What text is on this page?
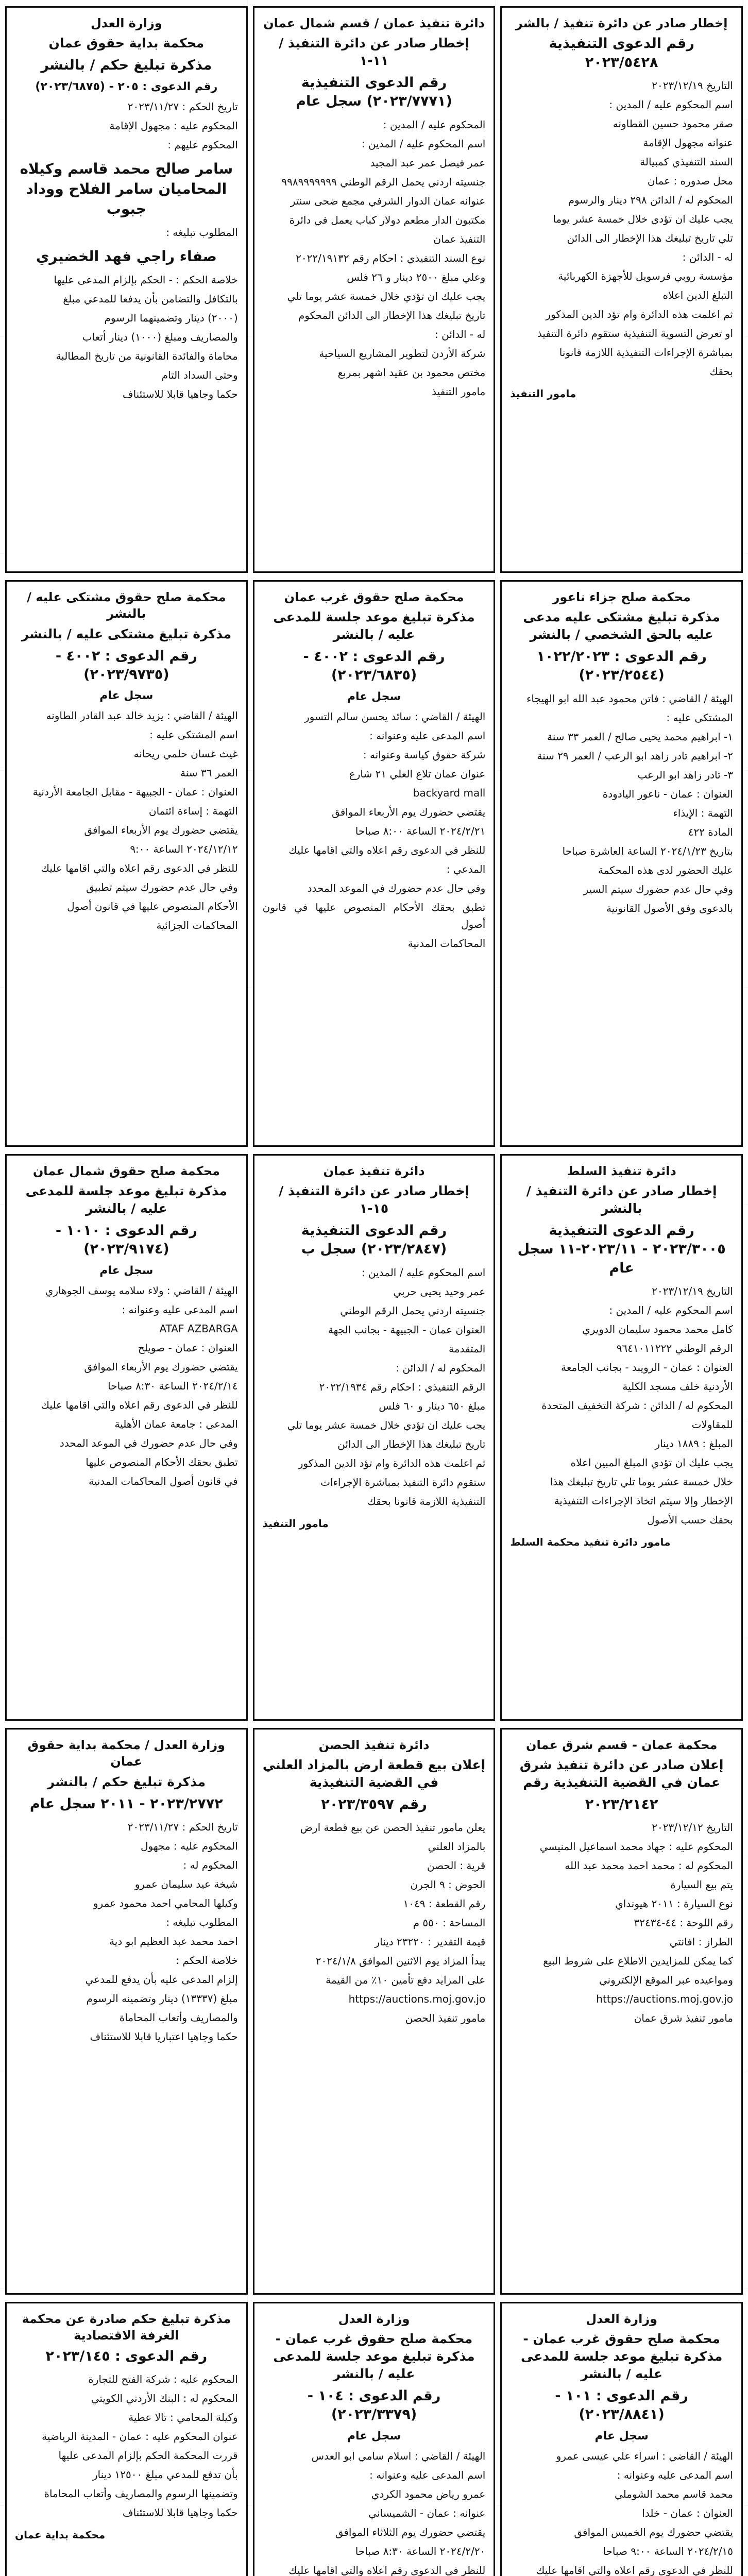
إخطار صادر عن دائرة تنفيذ / بالشر
رقم الدعوى التنفيذية ٢٠٢٣/٥٤٢٨
التاريخ ٢٠٢٣/١٢/١٩
اسم المحكوم عليه / المدين :
صقر محمود حسين القطاونه
عنوانه مجهول الإقامة
السند التنفيذي كمبيالة
محل صدوره : عمان
المحكوم له / الدائن ٢٩٨ دينار والرسوم
يجب عليك ان تؤدي خلال خمسة عشر يوما
تلي تاريخ تبليغك هذا الإخطار الى الدائن
له - الدائن :
مؤسسة روبي فرسويل للأجهزة الكهربائية
التبلغ الدين اعلاه
ثم اعلمت هذه الدائرة وام تؤد الدين المذكور
او تعرض التسوية التنفيذية ستقوم دائرة التنفيذ
بمباشرة الإجراءات التنفيذية اللازمة قانونا
بحقك
مامور التنفيذ
دائرة تنفيذ عمان / قسم شمال عمان
إخطار صادر عن دائرة التنفيذ / ١١-١
رقم الدعوى التنفيذية (٢٠٢٣/٧٧٧١) سجل عام
المحكوم عليه / المدين :
اسم المحكوم عليه / المدين :
عمر فيصل عمر عبد المجيد
جنسيته اردني يحمل الرقم الوطني ٩٩٨٩٩٩٩٩٩٩
عنوانه عمان الدوار الشرفي مجمع ضحى سنتر
مكتبون الدار مطعم دولار كباب يعمل في دائرة
التنفيذ عمان
نوع السند التنفيذي : احكام رقم ٢٠٢٢/١٩١٣٢
وعلي مبلغ ٢٥٠٠ دينار و ٢٦ فلس
يجب عليك ان تؤدي خلال خمسة عشر يوما تلي
تاريخ تبليغك هذا الإخطار الى الدائن المحكوم
له - الدائن :
شركة الأردن لتطوير المشاريع السياحية
مختص محمود بن عقيد اشهر بمربع
مامور التنفيذ
وزارة العدل
محكمة بداية حقوق عمان
مذكرة تبليغ حكم / بالنشر
رقم الدعوى : ٢٠٥ - (٢٠٢٣/٦٨٧٥)
تاريخ الحكم : ٢٠٢٣/١١/٢٧
المحكوم عليه : مجهول الإقامة
المحكوم عليهم :
سامر صالح محمد قاسم وكيلاه المحاميان سامر الفلاح ووداد جبوب
المطلوب تبليغه :
صفاء راجي فهد الخضيري
خلاصة الحكم : - الحكم بإلزام المدعى عليها
بالتكافل والتضامن بأن يدفعا للمدعي مبلغ
(٢٠٠٠) دينار وتضمينهما الرسوم
والمصاريف ومبلغ (١٠٠٠) دينار أتعاب
محاماة والفائدة القانونية من تاريخ المطالبة
وحتى السداد التام
حكما وجاهيا قابلا للاستئناف
محكمة صلح جزاء ناعور
مذكرة تبليغ مشتكى عليه مدعى عليه بالحق الشخصي / بالنشر
رقم الدعوى : ١٠٢٢/٢٠٢٣ (٢٠٢٣/٢٥٤٤)
الهيئة / القاضي : فاتن محمود عبد الله ابو الهيجاء
المشتكى عليه :
١- ابراهيم محمد يحيى صالح / العمر ٣٣ سنة
٢- ابراهيم تادر زاهد ابو الرعب / العمر ٢٩ سنة
٣- تادر زاهد ابو الرعب
العنوان : عمان - ناعور اليادودة
التهمة : الإيذاء
المادة ٤٢٢
بتاريخ ٢٠٢٤/١/٢٣ الساعة العاشرة صباحا
عليك الحضور لدى هذه المحكمة
وفي حال عدم حضورك سيتم السير
بالدعوى وفق الأصول القانونية
محكمة صلح حقوق غرب عمان
مذكرة تبليغ موعد جلسة للمدعى عليه / بالنشر
رقم الدعوى : ٤٠٠٢ - (٢٠٢٣/٦٨٣٥)
سجل عام
الهيئة / القاضي : سائد يحسن سالم التسور
اسم المدعى عليه وعنوانه :
شركة حقوق كياسة وعنوانه :
عنوان عمان تلاع العلي ٢١ شارع
backyard mall
يقتضي حضورك يوم الأربعاء الموافق
٢٠٢٤/٢/٢١ الساعة ٨:٠٠ صباحا
للنظر في الدعوى رقم اعلاه والتي اقامها عليك
المدعي :
وفي حال عدم حضورك في الموعد المحدد
تطبق بحقك الأحكام المنصوص عليها في قانون أصول
المحاكمات المدنية
محكمة صلح حقوق مشتكى عليه / بالنشر
مذكرة تبليغ مشتكى عليه / بالنشر
رقم الدعوى : ٤٠٠٢ - (٢٠٢٣/٩٧٣٥)
سجل عام
الهيئة / القاضي : يزيد خالد عبد القادر الطاونه
اسم المشتكى عليه :
غيث غسان حلمي ريحانه
العمر ٣٦ سنة
العنوان : عمان - الجبيهة - مقابل الجامعة الأردنية
التهمة : إساءة ائتمان
يقتضي حضورك يوم الأربعاء الموافق
٢٠٢٤/١٢/١٢ الساعة ٩:٠٠
للنظر في الدعوى رقم اعلاه والتي اقامها عليك
وفي حال عدم حضورك سيتم تطبيق
الأحكام المنصوص عليها في قانون أصول
المحاكمات الجزائية
دائرة تنفيذ السلط
إخطار صادر عن دائرة التنفيذ / بالنشر
رقم الدعوى التنفيذية ٢٠٢٣/٣٠٠٥ - ٢٠٢٣/١١-١١ سجل عام
التاريخ ٢٠٢٣/١٢/١٩
اسم المحكوم عليه / المدين :
كامل محمد محمود سليمان الدويري
الرقم الوطني ٩٦٤١٠١١٢٢٢
العنوان : عمان - الرويبد - بجانب الجامعة
الأردنية خلف مسجد الكلية
المحكوم له / الدائن : شركة التخفيف المتحدة
للمقاولات
المبلغ : ١٨٨٩ دينار
يجب عليك ان تؤدي المبلغ المبين اعلاه
خلال خمسة عشر يوما تلي تاريخ تبليغك هذا
الإخطار وإلا سيتم اتخاذ الإجراءات التنفيذية
بحقك حسب الأصول
مامور دائرة تنفيذ محكمة السلط
دائرة تنفيذ عمان
إخطار صادر عن دائرة التنفيذ / ١٥-١
رقم الدعوى التنفيذية (٢٠٢٣/٢٨٤٧) سجل ب
اسم المحكوم عليه / المدين :
عمر وحيد يحيى حربي
جنسيته اردني يحمل الرقم الوطني
العنوان عمان - الجبيهة - بجانب الجهة
المتقدمة
المحكوم له / الدائن :
الرقم التنفيذي : احكام رقم ٢٠٢٢/١٩٣٤
مبلغ ٦٥٠ دينار و ٦٠ فلس
يجب عليك ان تؤدي خلال خمسة عشر يوما تلي
تاريخ تبليغك هذا الإخطار الى الدائن
ثم اعلمت هذه الدائرة وام تؤد الدين المذكور
ستقوم دائرة التنفيذ بمباشرة الإجراءات
التنفيذية اللازمة قانونا بحقك
مامور التنفيذ
محكمة صلح حقوق شمال عمان
مذكرة تبليغ موعد جلسة للمدعى عليه / بالنشر
رقم الدعوى : ١٠١٠ - (٢٠٢٣/٩١٧٤)
سجل عام
الهيئة / القاضي : ولاء سلامه يوسف الجوهاري
اسم المدعى عليه وعنوانه :
ATAF AZBARGA
العنوان : عمان - صويلح
يقتضي حضورك يوم الأربعاء الموافق
٢٠٢٤/٢/١٤ الساعة ٨:٣٠ صباحا
للنظر في الدعوى رقم اعلاه والتي اقامها عليك
المدعي : جامعة عمان الأهلية
وفي حال عدم حضورك في الموعد المحدد
تطبق بحقك الأحكام المنصوص عليها
في قانون أصول المحاكمات المدنية
محكمة عمان - قسم شرق عمان
إعلان صادر عن دائرة تنفيذ شرق عمان في القضية التنفيذية رقم
٢٠٢٣/٢١٤٢
التاريخ ٢٠٢٣/١٢/١٢
المحكوم عليه : جهاد محمد اسماعيل المنيسي
المحكوم له : محمد احمد محمد عبد الله
يتم بيع السيارة
نوع السيارة : ٢٠١١ هيونداي
رقم اللوحة : ٤٤-٣٢٤٣٤
الطراز : افانتي
كما يمكن للمزايدين الاطلاع على شروط البيع
ومواعيده عبر الموقع الإلكتروني
https://auctions.moj.gov.jo
مامور تنفيذ شرق عمان
دائرة تنفيذ الحصن
إعلان بيع قطعة ارض بالمزاد العلني في القضية التنفيذية
رقم ٢٠٢٣/٣٥٩٧
يعلن مامور تنفيذ الحصن عن بيع قطعة ارض
بالمزاد العلني
قرية : الحصن
الحوض : ٩ الجرن
رقم القطعة : ١٠٤٩
المساحة : ٥٥٠ م
قيمة التقدير : ٢٣٢٢٠ دينار
يبدأ المزاد يوم الاثنين الموافق ٢٠٢٤/١/٨
على المزايد دفع تأمين ١٠٪ من القيمة
https://auctions.moj.gov.jo
مامور تنفيذ الحصن
وزارة العدل / محكمة بداية حقوق عمان
مذكرة تبليغ حكم / بالنشر
٢٠٢٣/٢٧٧٢ - ٢٠١١ سجل عام
تاريخ الحكم : ٢٠٢٣/١١/٢٧
المحكوم عليه : مجهول
المحكوم له :
شيخة عيد سليمان عمرو
وكيلها المحامي احمد محمود عمرو
المطلوب تبليغه :
احمد محمد عبد العظيم ابو دية
خلاصة الحكم :
إلزام المدعى عليه بأن يدفع للمدعي
مبلغ (١٣٣٣٧) دينار وتضمينه الرسوم
والمصاريف وأتعاب المحاماة
حكما وجاهيا اعتباريا قابلا للاستئناف
وزارة العدل
محكمة صلح حقوق غرب عمان - مذكرة تبليغ موعد جلسة للمدعى عليه / بالنشر
رقم الدعوى : ١٠١ - (٢٠٢٣/٨٨٤١)
سجل عام
الهيئة / القاضي : اسراء علي عيسى عمرو
اسم المدعى عليه وعنوانه :
محمد قاسم محمد الشوملي
العنوان : عمان - خلدا
يقتضي حضورك يوم الخميس الموافق
٢٠٢٤/٢/١٥ الساعة ٩:٠٠ صباحا
للنظر في الدعوى رقم اعلاه والتي اقامها عليك
وزارة العدل
محكمة صلح حقوق غرب عمان - مذكرة تبليغ موعد جلسة للمدعى عليه / بالنشر
رقم الدعوى : ١٠٤ - (٢٠٢٣/٣٣٧٩)
سجل عام
الهيئة / القاضي : اسلام سامي ابو العدس
اسم المدعى عليه وعنوانه :
عمرو رياض محمود الكردي
عنوانه : عمان - الشميساني
يقتضي حضورك يوم الثلاثاء الموافق
٢٠٢٤/٢/٢٠ الساعة ٨:٣٠ صباحا
للنظر في الدعوى رقم اعلاه والتي اقامها عليك
مذكرة تبليغ حكم صادرة عن محكمة الغرفة الاقتصادية
رقم الدعوى : ٢٠٢٣/١٤٥
المحكوم عليه : شركة الفتح للتجارة
المحكوم له : البنك الأردني الكويتي
وكيلة المحامي : تالا عطية
عنوان المحكوم عليه : عمان - المدينة الرياضية
قررت المحكمة الحكم بإلزام المدعى عليها
بأن تدفع للمدعي مبلغ ١٢٥٠٠ دينار
وتضمينها الرسوم والمصاريف وأتعاب المحاماة
حكما وجاهيا قابلا للاستئناف
محكمة بداية عمان
